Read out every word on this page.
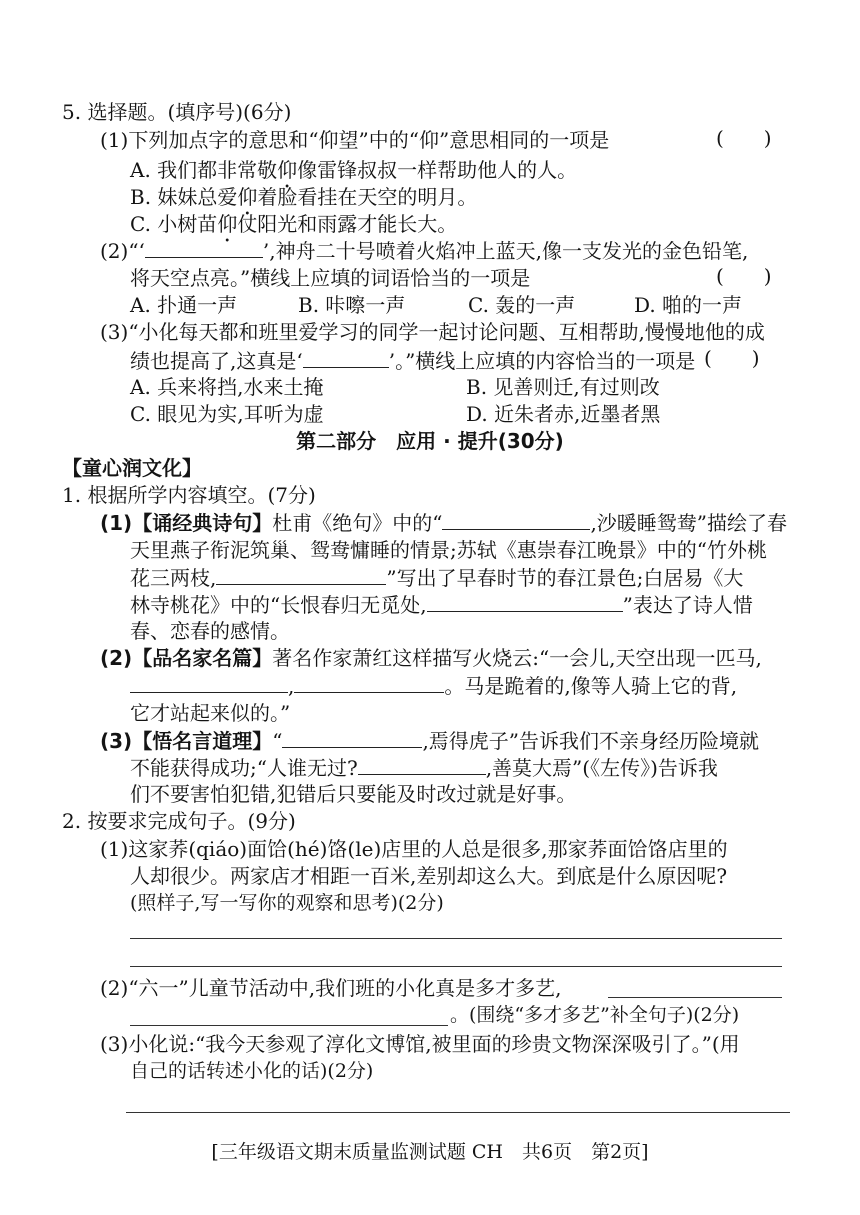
5. 选择题。(填序号)(6分)
(1)下列加点字的意思和“仰望”中的“仰”意思相同的一项是	(　　)
A. 我们都非常敬仰像雷锋叔叔一样帮助他人的人。
B. 妹妹总爱仰着脸看挂在天空的明月。
C. 小树苗仰仗阳光和雨露才能长大。
(2)“‘	’,神舟二十号喷着火焰冲上蓝天,像一支发光的金色铅笔,
将天空点亮。”横线上应填的词语恰当的一项是	(　　)
A. 扑通一声	B. 咔嚓一声	C. 轰的一声	D. 啪的一声
(3)“小化每天都和班里爱学习的同学一起讨论问题、互相帮助,慢慢地他的成
绩也提高了,这真是‘	’。”横线上应填的内容恰当的一项是 (　　)
A. 兵来将挡,水来土掩	B. 见善则迁,有过则改
C. 眼见为实,耳听为虚	D. 近朱者赤,近墨者黑
第二部分　应用 · 提升(30分)
【童心润文化】
1. 根据所学内容填空。(7分)
(1)【诵经典诗句】杜甫《绝句》中的“	,沙暖睡鸳鸯”描绘了春
天里燕子衔泥筑巢、鸳鸯慵睡的情景;苏轼《惠崇春江晚景》中的“竹外桃
花三两枝,	”写出了早春时节的春江景色;白居易《大
林寺桃花》中的“长恨春归无觅处,	”表达了诗人惜
春、恋春的感情。
(2)【品名家名篇】著名作家萧红这样描写火烧云:“一会儿,天空出现一匹马,
,	。马是跪着的,像等人骑上它的背,
它才站起来似的。”
(3)【悟名言道理】“	,焉得虎子”告诉我们不亲身经历险境就
不能获得成功;“人谁无过?	,善莫大焉”(《左传》)告诉我
们不要害怕犯错,犯错后只要能及时改过就是好事。
2. 按要求完成句子。(9分)
(1)这家荞(qiáo)面饸(hé)饹(le)店里的人总是很多,那家荞面饸饹店里的
人却很少。两家店才相距一百米,差别却这么大。到底是什么原因呢?
(照样子,写一写你的观察和思考)(2分)
(2)“六一”儿童节活动中,我们班的小化真是多才多艺,
。(围绕“多才多艺”补全句子)(2分)
(3)小化说:“我今天参观了淳化文博馆,被里面的珍贵文物深深吸引了。”(用
自己的话转述小化的话)(2分)
[三年级语文期末质量监测试题 CH　共6页　第2页]
